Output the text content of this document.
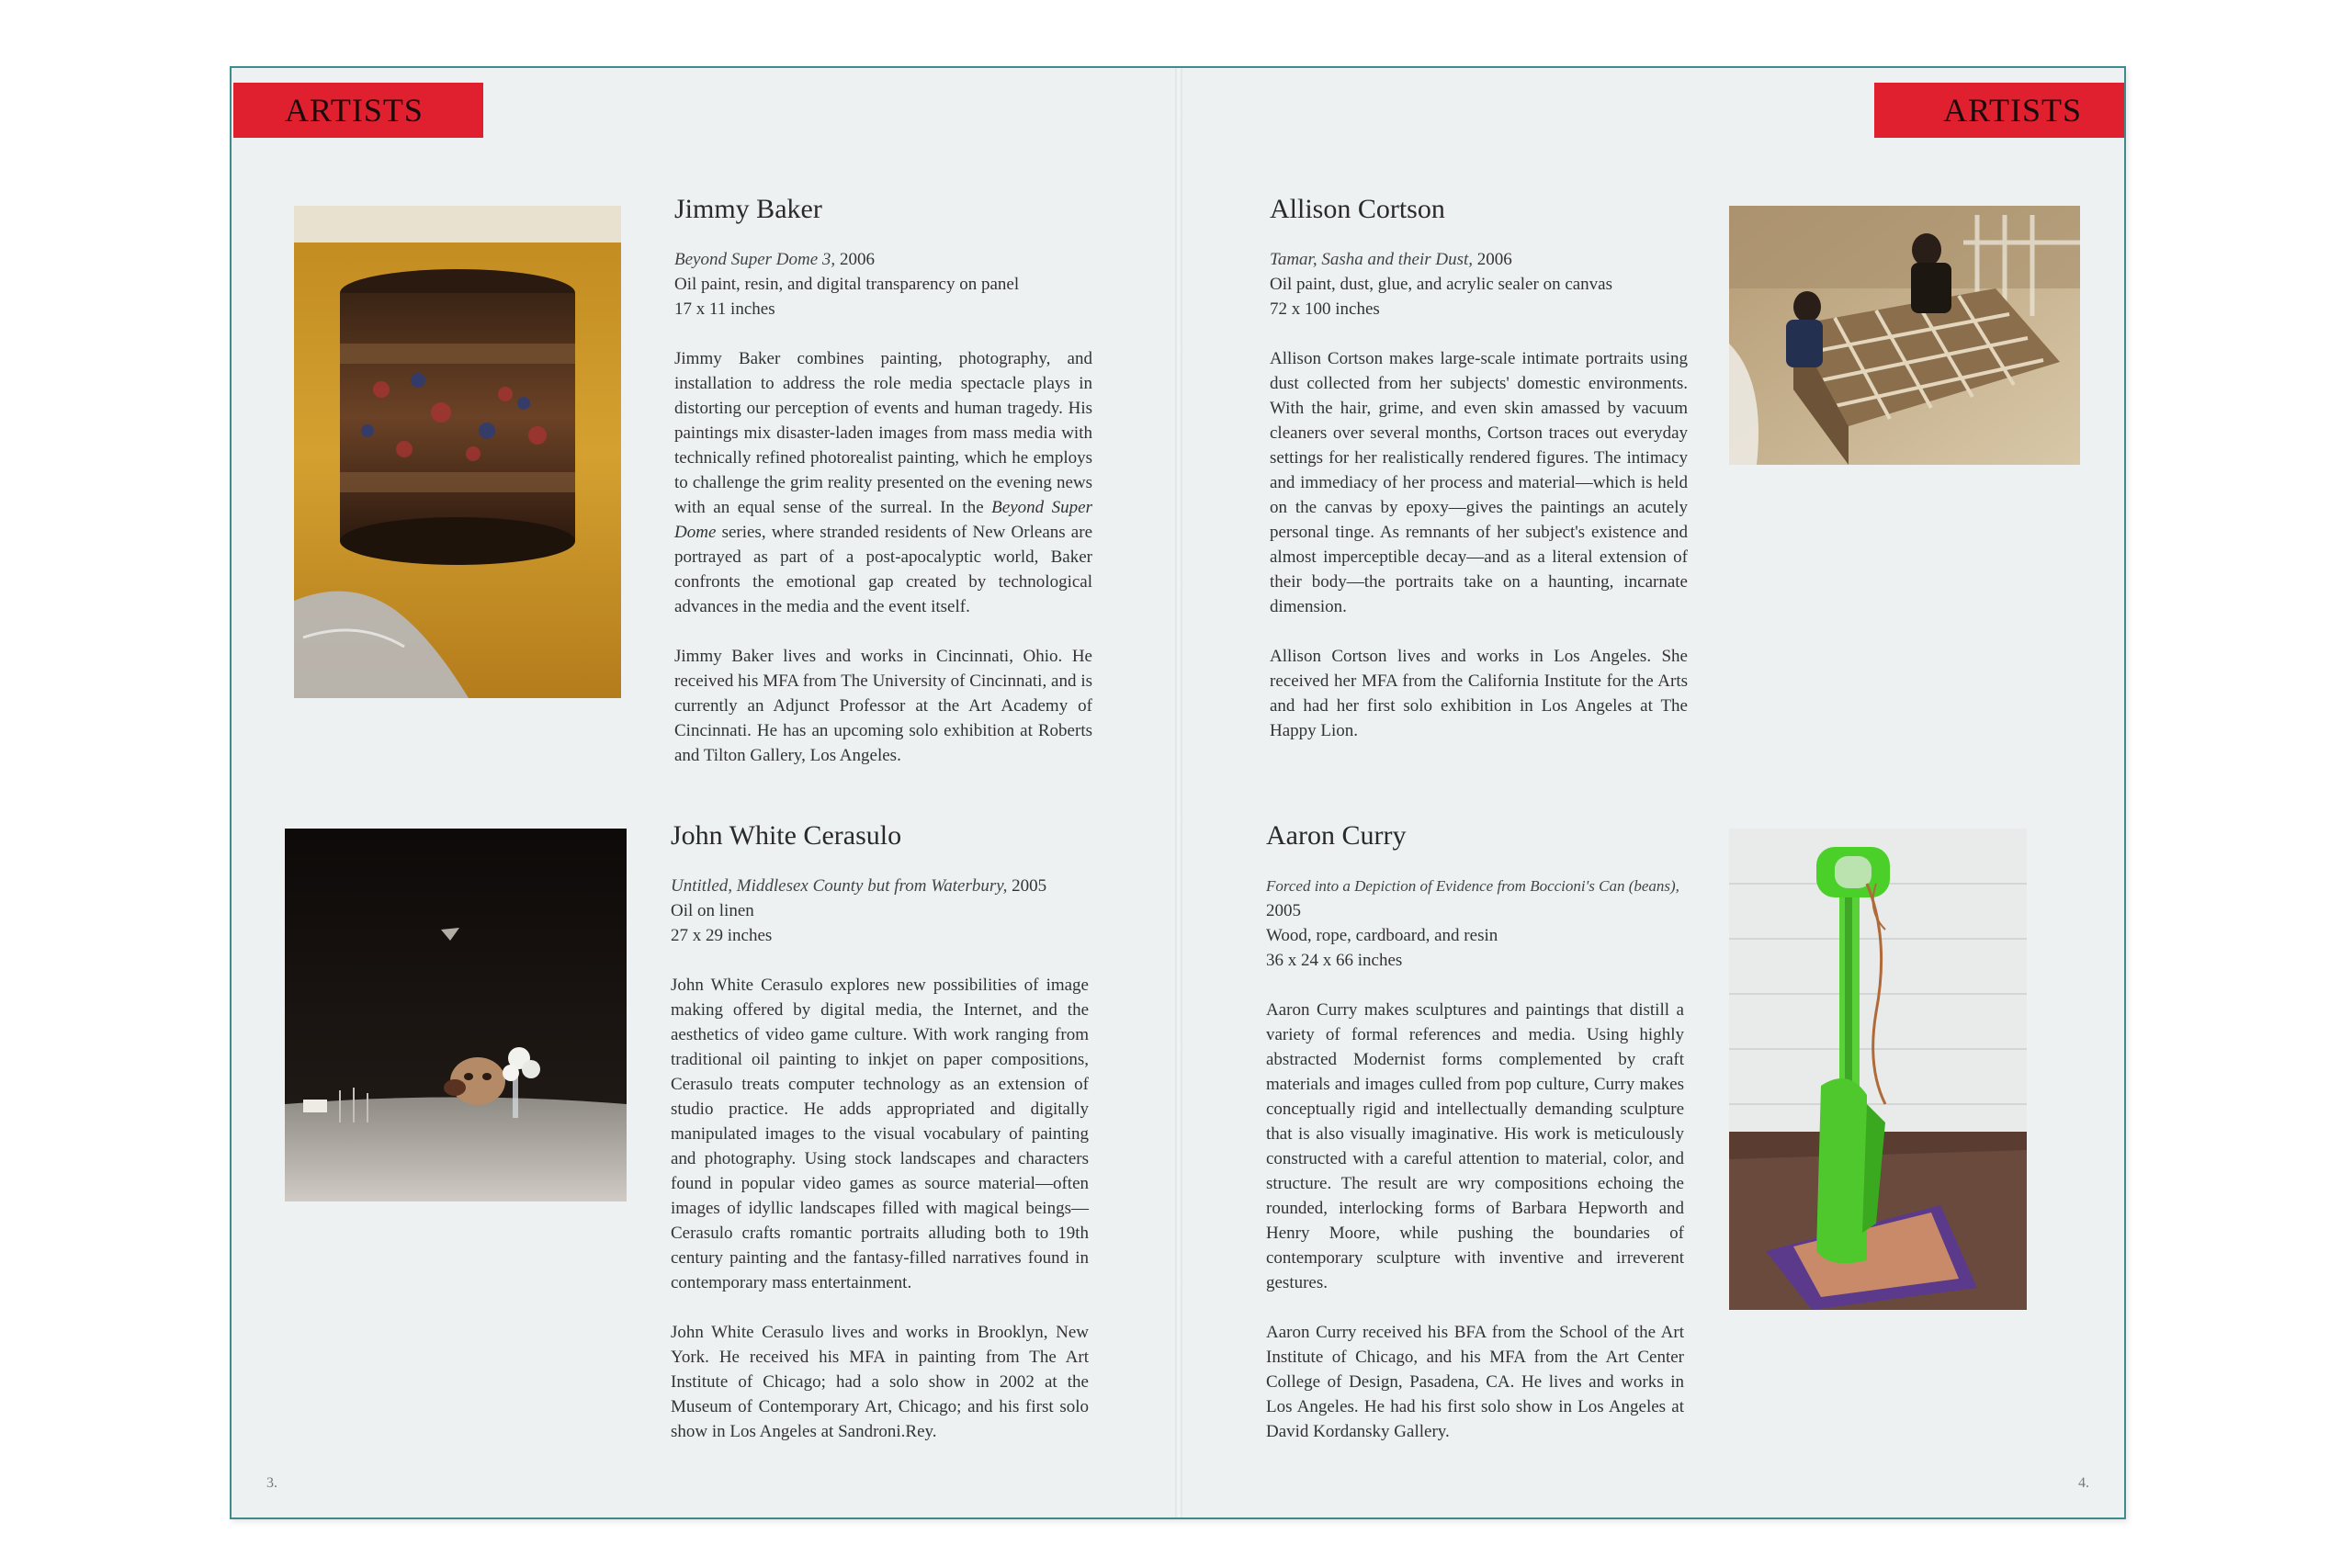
ARTISTS
Jimmy Baker
Beyond Super Dome 3, 2006
Oil paint, resin, and digital transparency on panel
17 x 11 inches

Jimmy Baker combines painting, photography, and installation to address the role media spectacle plays in distorting our perception of events and human tragedy. His paintings mix disaster-laden images from mass media with technically refined photorealist painting, which he employs to challenge the grim reality presented on the evening news with an equal sense of the surreal. In the Beyond Super Dome series, where stranded residents of New Orleans are portrayed as part of a post-apocalyptic world, Baker confronts the emotional gap created by technological advances in the media and the event itself.

Jimmy Baker lives and works in Cincinnati, Ohio. He received his MFA from The University of Cincinnati, and is currently an Adjunct Professor at the Art Academy of Cincinnati. He has an upcoming solo exhibition at Roberts and Tilton Gallery, Los Angeles.

John White Cerasulo
Untitled, Middlesex County but from Waterbury, 2005
Oil on linen
27 x 29 inches

John White Cerasulo explores new possibilities of image making offered by digital media, the Internet, and the aesthetics of video game culture. With work ranging from traditional oil painting to inkjet on paper compositions, Cerasulo treats computer technology as an extension of studio practice. He adds appropriated and digitally manipulated images to the visual vocabulary of painting and photography. Using stock landscapes and characters found in popular video games as source material—often images of idyllic landscapes filled with magical beings—Cerasulo crafts romantic portraits alluding both to 19th century painting and the fantasy-filled narratives found in contemporary mass entertainment.

John White Cerasulo lives and works in Brooklyn, New York. He received his MFA in painting from The Art Institute of Chicago; had a solo show in 2002 at the Museum of Contemporary Art, Chicago; and his first solo show in Los Angeles at Sandroni.Rey.

3.
ARTISTS
Allison Cortson
Tamar, Sasha and their Dust, 2006
Oil paint, dust, glue, and acrylic sealer on canvas
72 x 100 inches

Allison Cortson makes large-scale intimate portraits using dust collected from her subjects' domestic environments. With the hair, grime, and even skin amassed by vacuum cleaners over several months, Cortson traces out everyday settings for her realistically rendered figures. The intimacy and immediacy of her process and material—which is held on the canvas by epoxy—gives the paintings an acutely personal tinge. As remnants of her subject's existence and almost imperceptible decay—and as a literal extension of their body—the portraits take on a haunting, incarnate dimension.

Allison Cortson lives and works in Los Angeles. She received her MFA from the California Institute for the Arts and had her first solo exhibition in Los Angeles at The Happy Lion.

Aaron Curry
Forced into a Depiction of Evidence from Boccioni's Can (beans), 2005
Wood, rope, cardboard, and resin
36 x 24 x 66 inches

Aaron Curry makes sculptures and paintings that distill a variety of formal references and media. Using highly abstracted Modernist forms complemented by craft materials and images culled from pop culture, Curry makes conceptually rigid and intellectually demanding sculpture that is also visually imaginative. His work is meticulously constructed with a careful attention to material, color, and structure. The result are wry compositions echoing the rounded, interlocking forms of Barbara Hepworth and Henry Moore, while pushing the boundaries of contemporary sculpture with inventive and irreverent gestures.

Aaron Curry received his BFA from the School of the Art Institute of Chicago, and his MFA from the Art Center College of Design, Pasadena, CA. He lives and works in Los Angeles. He had his first solo show in Los Angeles at David Kordansky Gallery.

4.
